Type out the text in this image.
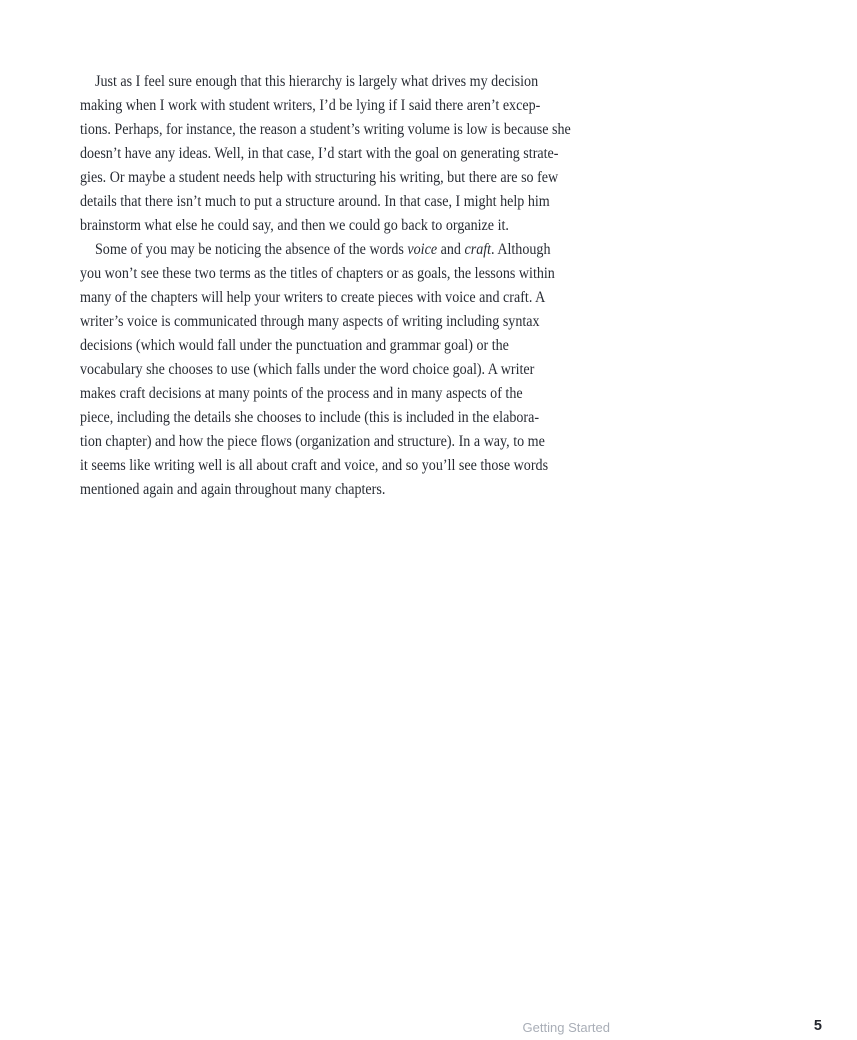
Just as I feel sure enough that this hierarchy is largely what drives my decision
making when I work with student writers, I’d be lying if I said there aren’t excep-
tions. Perhaps, for instance, the reason a student’s writing volume is low is because she
doesn’t have any ideas. Well, in that case, I’d start with the goal on generating strate-
gies. Or maybe a student needs help with structuring his writing, but there are so few
details that there isn’t much to put a structure around. In that case, I might help him
brainstorm what else he could say, and then we could go back to organize it.
Some of you may be noticing the absence of the words voice and craft. Although
you won’t see these two terms as the titles of chapters or as goals, the lessons within
many of the chapters will help your writers to create pieces with voice and craft. A
writer’s voice is communicated through many aspects of writing including syntax
decisions (which would fall under the punctuation and grammar goal) or the
vocabulary she chooses to use (which falls under the word choice goal). A writer
makes craft decisions at many points of the process and in many aspects of the
piece, including the details she chooses to include (this is included in the elabora-
tion chapter) and how the piece flows (organization and structure). In a way, to me
it seems like writing well is all about craft and voice, and so you’ll see those words
mentioned again and again throughout many chapters.
Getting Started	5
